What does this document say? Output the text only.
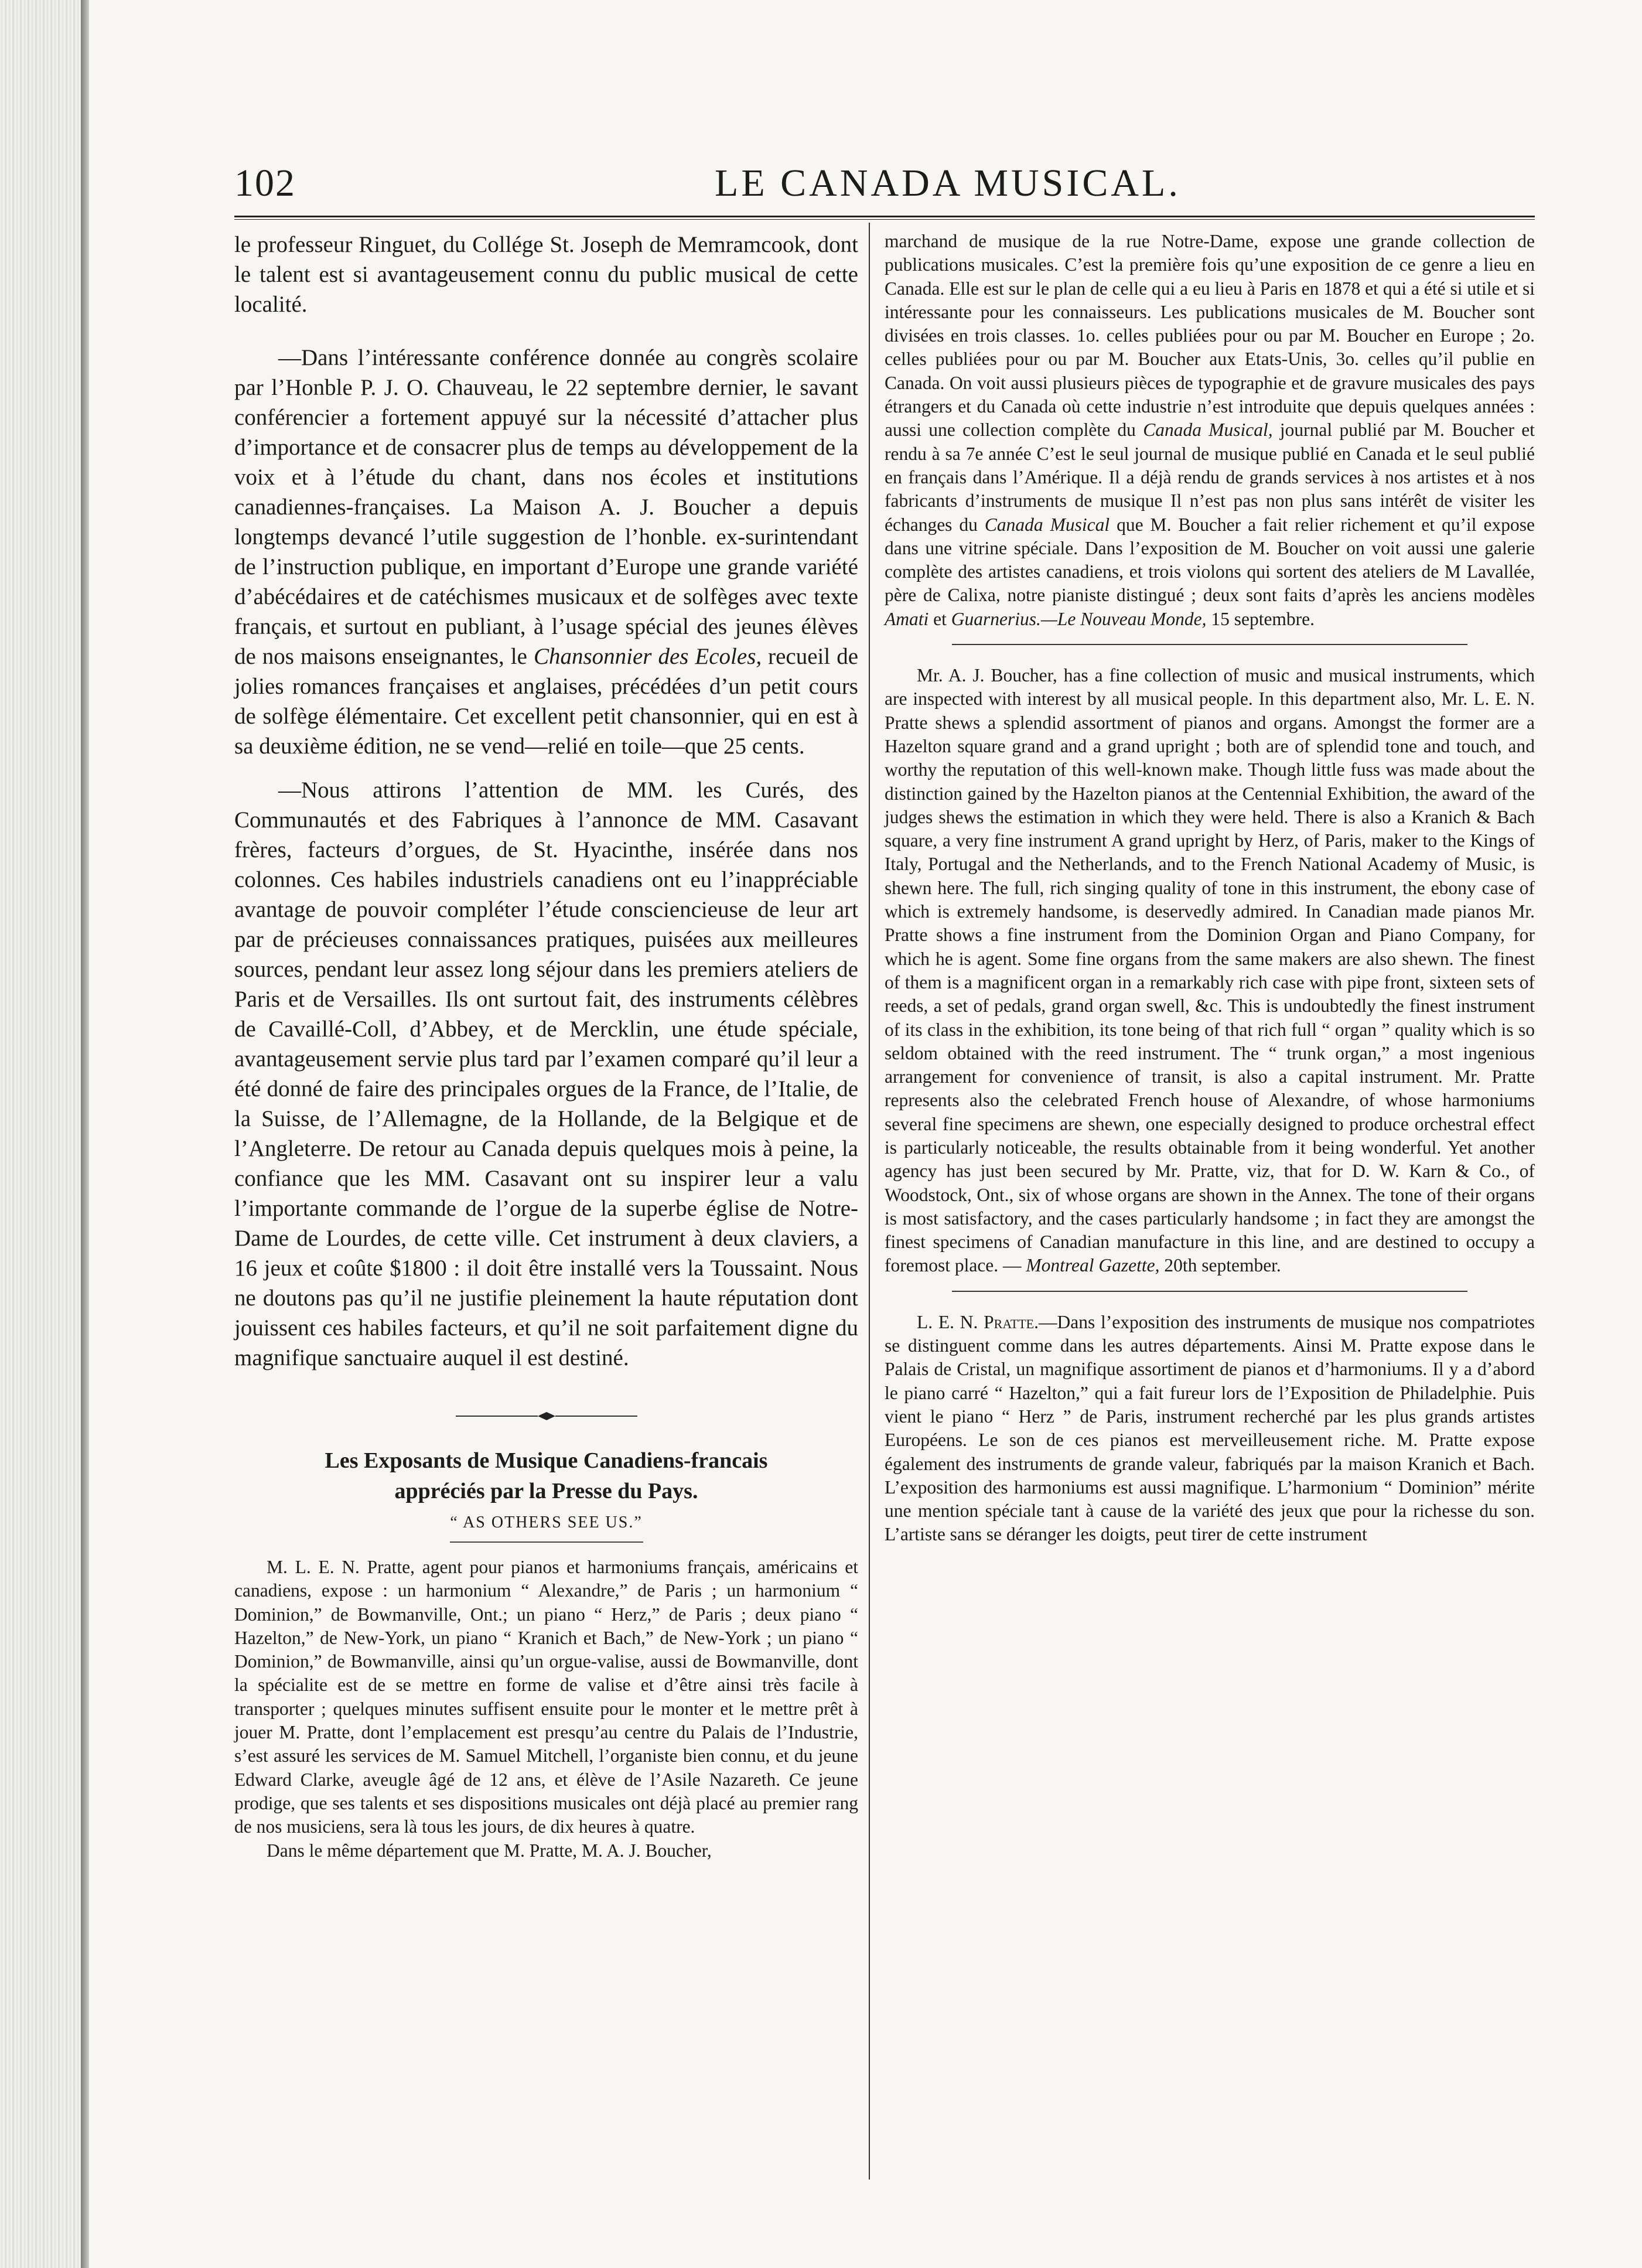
102	LE CANADA MUSICAL.

le professeur Ringuet, du Collége St. Joseph de Memramcook, dont le talent est si avantageusement connu du public musical de cette localité.

—Dans l’intéressante conférence donnée au congrès scolaire par l’Honble P. J. O. Chauveau, le 22 septembre dernier, le savant conférencier a fortement appuyé sur la nécessité d’attacher plus d’importance et de consacrer plus de temps au développement de la voix et à l’étude du chant, dans nos écoles et institutions canadiennes-françaises. La Maison A. J. Boucher a depuis longtemps devancé l’utile suggestion de l’honble. ex-surintendant de l’instruction publique, en important d’Europe une grande variété d’abécédaires et de catéchismes musicaux et de solfèges avec texte français, et surtout en publiant, à l’usage spécial des jeunes élèves de nos maisons enseignantes, le Chansonnier des Ecoles, recueil de jolies romances françaises et anglaises, précédées d’un petit cours de solfège élémentaire. Cet excellent petit chansonnier, qui en est à sa deuxième édition, ne se vend—relié en toile—que 25 cents.

—Nous attirons l’attention de MM. les Curés, des Communautés et des Fabriques à l’annonce de MM. Casavant frères, facteurs d’orgues, de St. Hyacinthe, insérée dans nos colonnes. Ces habiles industriels canadiens ont eu l’inappréciable avantage de pouvoir compléter l’étude consciencieuse de leur art par de précieuses connaissances pratiques, puisées aux meilleures sources, pendant leur assez long séjour dans les premiers ateliers de Paris et de Versailles. Ils ont surtout fait, des instruments célèbres de Cavaillé-Coll, d’Abbey, et de Mercklin, une étude spéciale, avantageusement servie plus tard par l’examen comparé qu’il leur a été donné de faire des principales orgues de la France, de l’Italie, de la Suisse, de l’Allemagne, de la Hollande, de la Belgique et de l’Angleterre. De retour au Canada depuis quelques mois à peine, la confiance que les MM. Casavant ont su inspirer leur a valu l’importante commande de l’orgue de la superbe église de Notre-Dame de Lourdes, de cette ville. Cet instrument à deux claviers, a 16 jeux et coûte $1800 : il doit être installé vers la Toussaint. Nous ne doutons pas qu’il ne justifie pleinement la haute réputation dont jouissent ces habiles facteurs, et qu’il ne soit parfaitement digne du magnifique sanctuaire auquel il est destiné.

Les Exposants de Musique Canadiens-francais
appréciés par la Presse du Pays.

“ AS OTHERS SEE US.”

M. L. E. N. Pratte, agent pour pianos et harmoniums français, américains et canadiens, expose : un harmonium “ Alexandre,” de Paris ; un harmonium “ Dominion,” de Bowmanville, Ont.; un piano “ Herz,” de Paris ; deux piano “ Hazelton,” de New-York, un piano “ Kranich et Bach,” de New-York ; un piano “ Dominion,” de Bowmanville, ainsi qu’un orgue-valise, aussi de Bowmanville, dont la spécialite est de se mettre en forme de valise et d’être ainsi très facile à transporter ; quelques minutes suffisent ensuite pour le monter et le mettre prêt à jouer M. Pratte, dont l’emplacement est presqu’au centre du Palais de l’Industrie, s’est assuré les services de M. Samuel Mitchell, l’organiste bien connu, et du jeune Edward Clarke, aveugle âgé de 12 ans, et élève de l’Asile Nazareth. Ce jeune prodige, que ses talents et ses dispositions musicales ont déjà placé au premier rang de nos musiciens, sera là tous les jours, de dix heures à quatre.

Dans le même département que M. Pratte, M. A. J. Boucher,

marchand de musique de la rue Notre-Dame, expose une grande collection de publications musicales. C’est la première fois qu’une exposition de ce genre a lieu en Canada. Elle est sur le plan de celle qui a eu lieu à Paris en 1878 et qui a été si utile et si intéressante pour les connaisseurs. Les publications musicales de M. Boucher sont divisées en trois classes. 1o. celles publiées pour ou par M. Boucher en Europe ; 2o. celles publiées pour ou par M. Boucher aux Etats-Unis, 3o. celles qu’il publie en Canada. On voit aussi plusieurs pièces de typographie et de gravure musicales des pays étrangers et du Canada où cette industrie n’est introduite que depuis quelques années : aussi une collection complète du Canada Musical, journal publié par M. Boucher et rendu à sa 7e année C’est le seul journal de musique publié en Canada et le seul publié en français dans l’Amérique. Il a déjà rendu de grands services à nos artistes et à nos fabricants d’instruments de musique Il n’est pas non plus sans intérêt de visiter les échanges du Canada Musical que M. Boucher a fait relier richement et qu’il expose dans une vitrine spéciale. Dans l’exposition de M. Boucher on voit aussi une galerie complète des artistes canadiens, et trois violons qui sortent des ateliers de M Lavallée, père de Calixa, notre pianiste distingué ; deux sont faits d’après les anciens modèles Amati et Guarnerius.—Le Nouveau Monde, 15 septembre.

Mr. A. J. Boucher, has a fine collection of music and musical instruments, which are inspected with interest by all musical people. In this department also, Mr. L. E. N. Pratte shews a splendid assortment of pianos and organs. Amongst the former are a Hazelton square grand and a grand upright ; both are of splendid tone and touch, and worthy the reputation of this well-known make. Though little fuss was made about the distinction gained by the Hazelton pianos at the Centennial Exhibition, the award of the judges shews the estimation in which they were held. There is also a Kranich & Bach square, a very fine instrument A grand upright by Herz, of Paris, maker to the Kings of Italy, Portugal and the Netherlands, and to the French National Academy of Music, is shewn here. The full, rich singing quality of tone in this instrument, the ebony case of which is extremely handsome, is deservedly admired. In Canadian made pianos Mr. Pratte shows a fine instrument from the Dominion Organ and Piano Company, for which he is agent. Some fine organs from the same makers are also shewn. The finest of them is a magnificent organ in a remarkably rich case with pipe front, sixteen sets of reeds, a set of pedals, grand organ swell, &c. This is undoubtedly the finest instrument of its class in the exhibition, its tone being of that rich full “ organ ” quality which is so seldom obtained with the reed instrument. The “ trunk organ,” a most ingenious arrangement for convenience of transit, is also a capital instrument. Mr. Pratte represents also the celebrated French house of Alexandre, of whose harmoniums several fine specimens are shewn, one especially designed to produce orchestral effect is particularly noticeable, the results obtainable from it being wonderful. Yet another agency has just been secured by Mr. Pratte, viz, that for D. W. Karn & Co., of Woodstock, Ont., six of whose organs are shown in the Annex. The tone of their organs is most satisfactory, and the cases particularly handsome ; in fact they are amongst the finest specimens of Canadian manufacture in this line, and are destined to occupy a foremost place. — Montreal Gazette, 20th september.

L. E. N. Pratte.—Dans l’exposition des instruments de musique nos compatriotes se distinguent comme dans les autres départements. Ainsi M. Pratte expose dans le Palais de Cristal, un magnifique assortiment de pianos et d’harmoniums. Il y a d’abord le piano carré “ Hazelton,” qui a fait fureur lors de l’Exposition de Philadelphie. Puis vient le piano “ Herz ” de Paris, instrument recherché par les plus grands artistes Européens. Le son de ces pianos est merveilleusement riche. M. Pratte expose également des instruments de grande valeur, fabriqués par la maison Kranich et Bach. L’exposition des harmoniums est aussi magnifique. L’harmonium “ Dominion” mérite une mention spéciale tant à cause de la variété des jeux que pour la richesse du son. L’artiste sans se déranger les doigts, peut tirer de cette instrument
